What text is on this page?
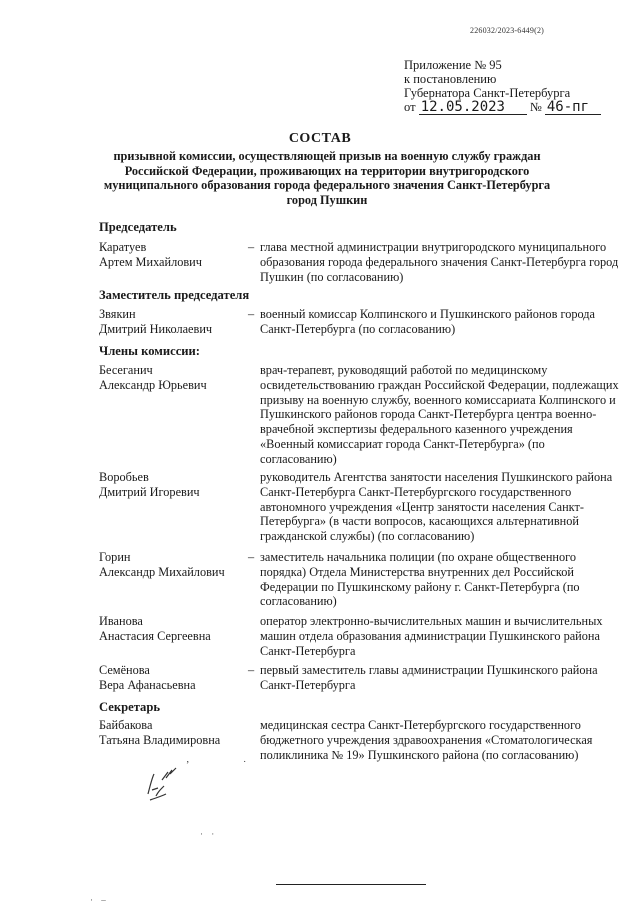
226032/2023-6449(2)
Приложение № 95
к постановлению
Губернатора Санкт-Петербурга
от 12.05.2023 № 46-пг
СОСТАВ
призывной комиссии, осуществляющей призыв на военную службу граждан Российской Федерации, проживающих на территории внутригородского муниципального образования города федерального значения Санкт-Петербурга город Пушкин
Председатель
Каратуев
Артем Михайлович
– глава местной администрации внутригородского муниципального образования города федерального значения Санкт-Петербурга город Пушкин (по согласованию)
Заместитель председателя
Звякин
Дмитрий Николаевич
– военный комиссар Колпинского и Пушкинского районов города Санкт-Петербурга (по согласованию)
Члены комиссии:
Бесеганич
Александр Юрьевич
врач-терапевт, руководящий работой по медицинскому освидетельствованию граждан Российской Федерации, подлежащих призыву на военную службу, военного комиссариата Колпинского и Пушкинского районов города Санкт-Петербурга центра военно-врачебной экспертизы федерального казенного учреждения «Военный комиссариат города Санкт-Петербурга» (по согласованию)
Воробьев
Дмитрий Игоревич
руководитель Агентства занятости населения Пушкинского района Санкт-Петербурга Санкт-Петербургского государственного автономного учреждения «Центр занятости населения Санкт-Петербурга» (в части вопросов, касающихся альтернативной гражданской службы) (по согласованию)
Горин
Александр Михайлович
– заместитель начальника полиции (по охране общественного порядка) Отдела Министерства внутренних дел Российской Федерации по Пушкинскому району г. Санкт-Петербурга (по согласованию)
Иванова
Анастасия Сергеевна
оператор электронно-вычислительных машин и вычислительных машин отдела образования администрации Пушкинского района Санкт-Петербурга
Семёнова
Вера Афанасьевна
– первый заместитель главы администрации Пушкинского района Санкт-Петербурга
Секретарь
Байбакова
Татьяна Владимировна
медицинская сестра Санкт-Петербургского государственного бюджетного учреждения здравоохранения «Стоматологическая поликлиника № 19» Пушкинского района (по согласованию)
ʼ	˙
· ·
· –
